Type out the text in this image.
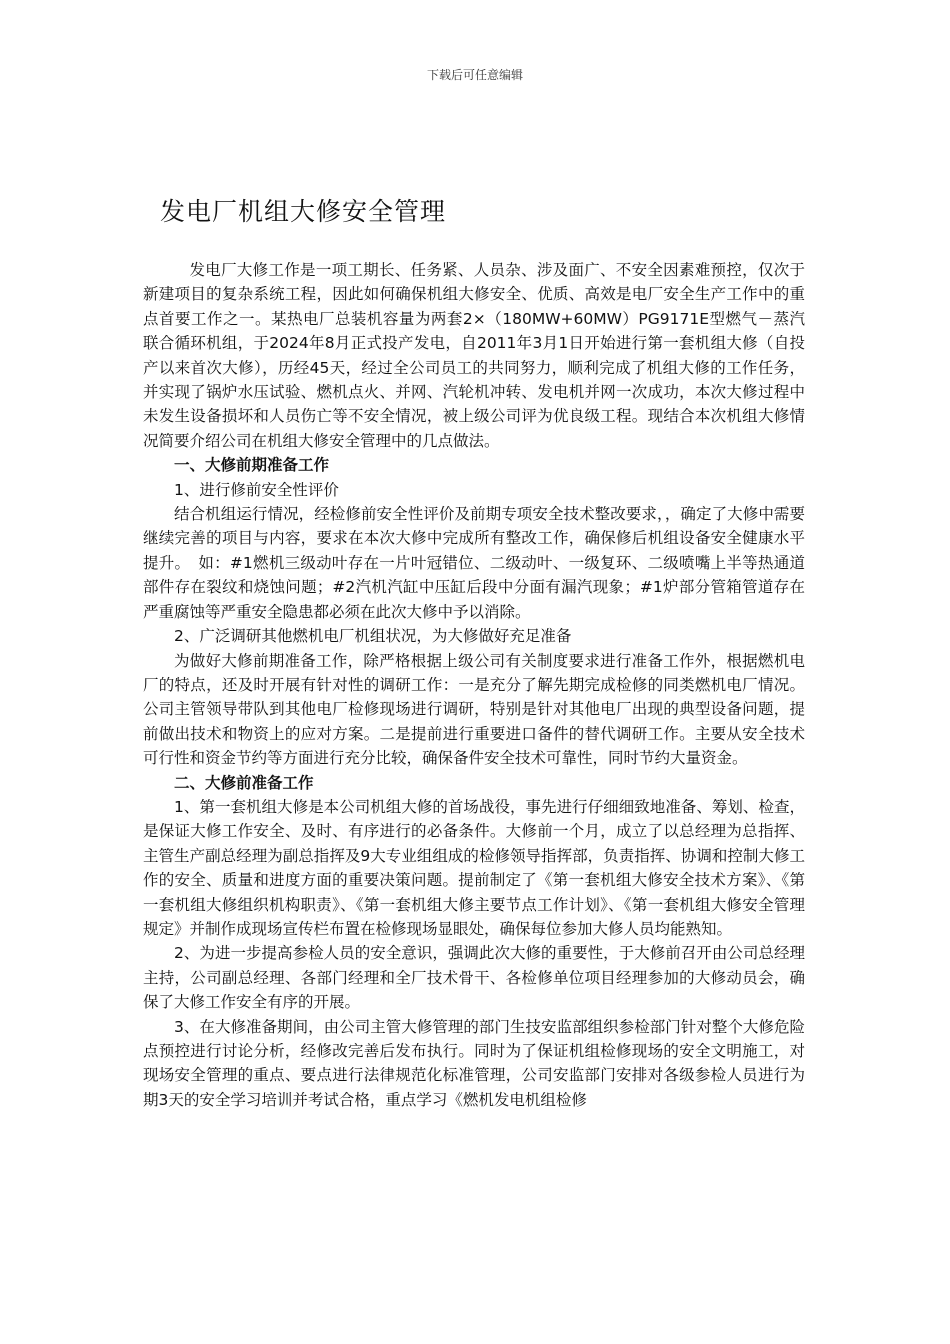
下载后可任意编辑
发电厂机组大修安全管理

发电厂大修工作是一项工期长、任务紧、人员杂、涉及面广、不安全因素难预控，仅次于新建项目的复杂系统工程，因此如何确保机组大修安全、优质、高效是电厂安全生产工作中的重点首要工作之一。某热电厂总装机容量为两套2×（180MW+60MW）PG9171E型燃气－蒸汽联合循环机组，于2024年8月正式投产发电，自2011年3月1日开始进行第一套机组大修（自投产以来首次大修），历经45天，经过全公司员工的共同努力，顺利完成了机组大修的工作任务，并实现了锅炉水压试验、燃机点火、并网、汽轮机冲转、发电机并网一次成功，本次大修过程中未发生设备损坏和人员伤亡等不安全情况，被上级公司评为优良级工程。现结合本次机组大修情况简要介绍公司在机组大修安全管理中的几点做法。

一、大修前期准备工作

1、进行修前安全性评价

结合机组运行情况，经检修前安全性评价及前期专项安全技术整改要求，，确定了大修中需要继续完善的项目与内容，要求在本次大修中完成所有整改工作，确保修后机组设备安全健康水平提升。　如：#1燃机三级动叶存在一片叶冠错位、二级动叶、一级复环、二级喷嘴上半等热通道部件存在裂纹和烧蚀问题；#2汽机汽缸中压缸后段中分面有漏汽现象；#1炉部分管箱管道存在严重腐蚀等严重安全隐患都必须在此次大修中予以消除。

2、广泛调研其他燃机电厂机组状况，为大修做好充足准备

为做好大修前期准备工作，除严格根据上级公司有关制度要求进行准备工作外，根据燃机电厂的特点，还及时开展有针对性的调研工作：一是充分了解先期完成检修的同类燃机电厂情况。公司主管领导带队到其他电厂检修现场进行调研，特别是针对其他电厂出现的典型设备问题，提前做出技术和物资上的应对方案。二是提前进行重要进口备件的替代调研工作。主要从安全技术可行性和资金节约等方面进行充分比较，确保备件安全技术可靠性，同时节约大量资金。

二、大修前准备工作

1、第一套机组大修是本公司机组大修的首场战役，事先进行仔细细致地准备、筹划、检查，是保证大修工作安全、及时、有序进行的必备条件。大修前一个月，成立了以总经理为总指挥、主管生产副总经理为副总指挥及9大专业组组成的检修领导指挥部，负责指挥、协调和控制大修工作的安全、质量和进度方面的重要决策问题。提前制定了《第一套机组大修安全技术方案》、《第一套机组大修组织机构职责》、《第一套机组大修主要节点工作计划》、《第一套机组大修安全管理规定》并制作成现场宣传栏布置在检修现场显眼处，确保每位参加大修人员均能熟知。

2、为进一步提高参检人员的安全意识，强调此次大修的重要性，于大修前召开由公司总经理主持，公司副总经理、各部门经理和全厂技术骨干、各检修单位项目经理参加的大修动员会，确保了大修工作安全有序的开展。

3、在大修准备期间，由公司主管大修管理的部门生技安监部组织参检部门针对整个大修危险点预控进行讨论分析，经修改完善后发布执行。同时为了保证机组检修现场的安全文明施工，对现场安全管理的重点、要点进行法律规范化标准管理，公司安监部门安排对各级参检人员进行为期3天的安全学习培训并考试合格，重点学习《燃机发电机组检修
